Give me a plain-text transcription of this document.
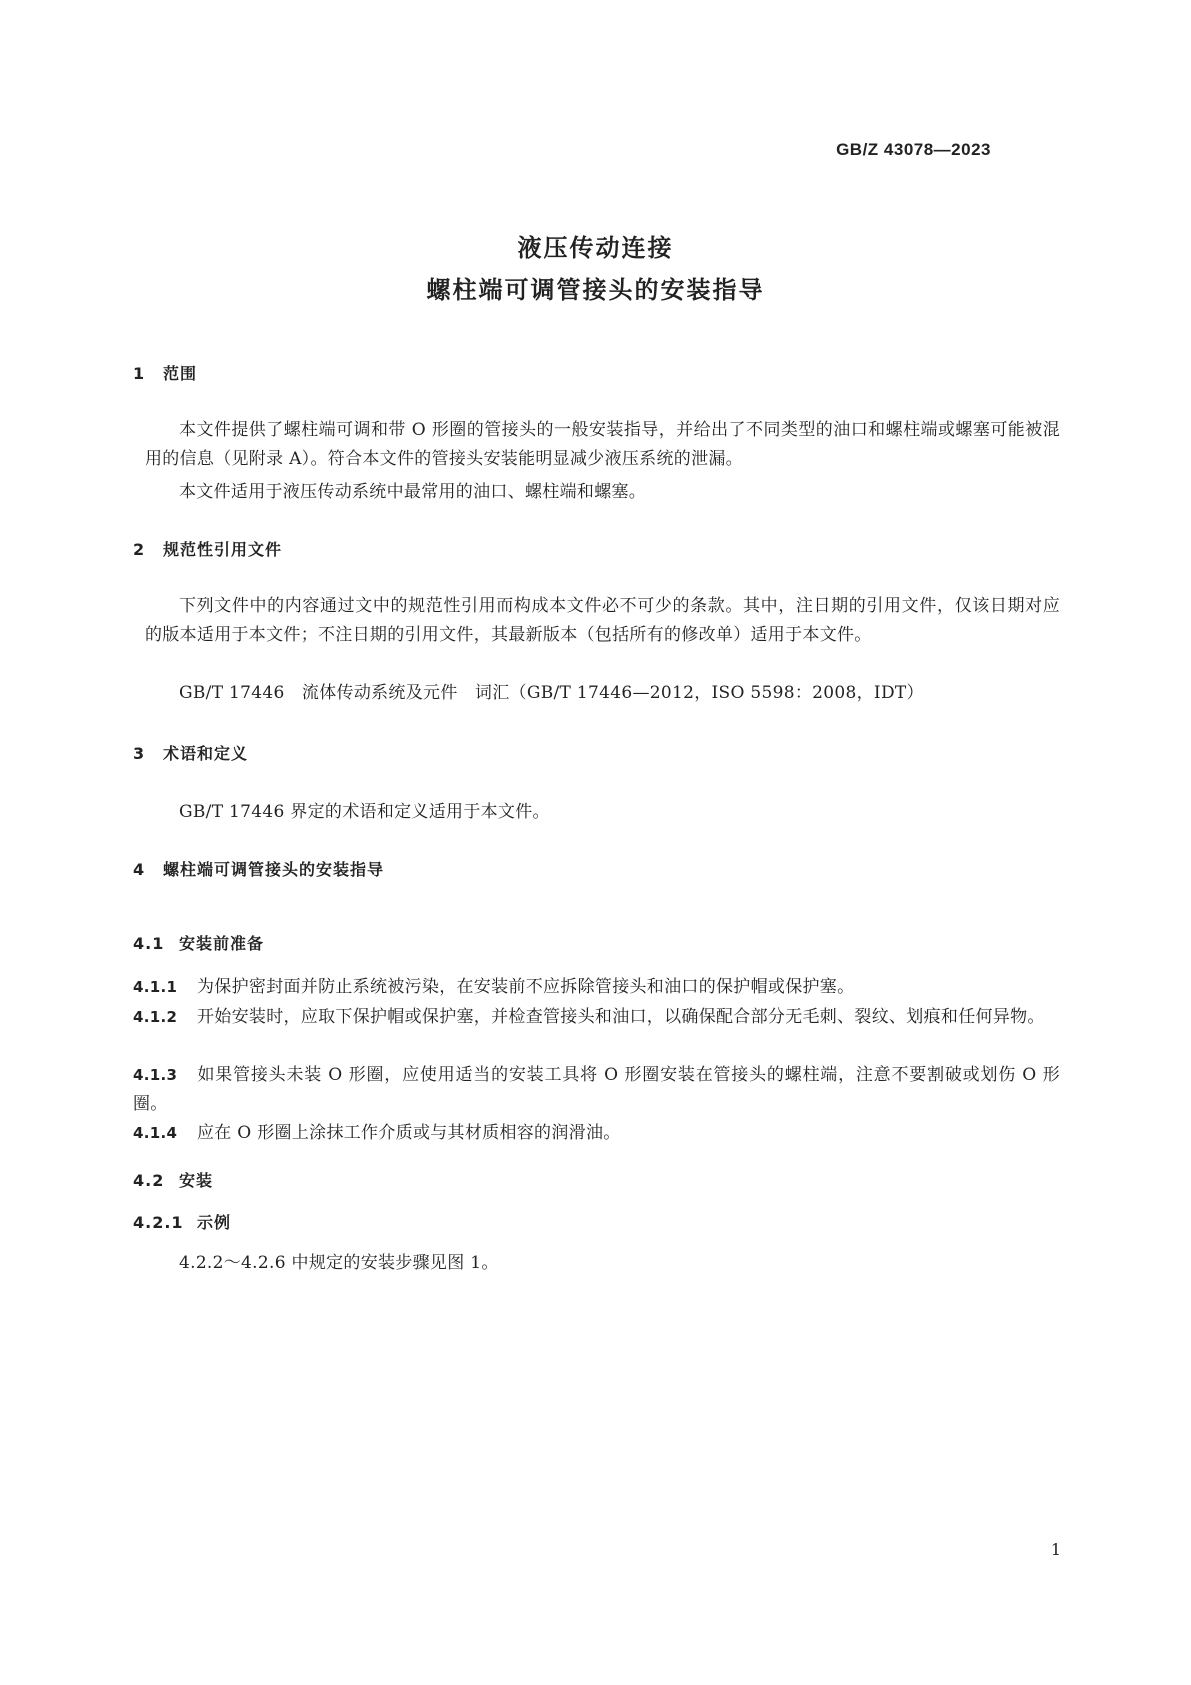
GB/Z 43078—2023
液压传动连接
螺柱端可调管接头的安装指导
1 范围
本文件提供了螺柱端可调和带 O 形圈的管接头的一般安装指导，并给出了不同类型的油口和螺柱端或螺塞可能被混用的信息（见附录 A）。符合本文件的管接头安装能明显减少液压系统的泄漏。
本文件适用于液压传动系统中最常用的油口、螺柱端和螺塞。
2 规范性引用文件
下列文件中的内容通过文中的规范性引用而构成本文件必不可少的条款。其中，注日期的引用文件，仅该日期对应的版本适用于本文件；不注日期的引用文件，其最新版本（包括所有的修改单）适用于本文件。
GB/T 17446　流体传动系统及元件　词汇（GB/T 17446—2012，ISO 5598：2008，IDT）
3 术语和定义
GB/T 17446 界定的术语和定义适用于本文件。
4 螺柱端可调管接头的安装指导
4.1 安装前准备
4.1.1 为保护密封面并防止系统被污染，在安装前不应拆除管接头和油口的保护帽或保护塞。
4.1.2 开始安装时，应取下保护帽或保护塞，并检查管接头和油口，以确保配合部分无毛刺、裂纹、划痕和任何异物。
4.1.3 如果管接头未装 O 形圈，应使用适当的安装工具将 O 形圈安装在管接头的螺柱端，注意不要割破或划伤 O 形圈。
4.1.4 应在 O 形圈上涂抹工作介质或与其材质相容的润滑油。
4.2 安装
4.2.1 示例
4.2.2～4.2.6 中规定的安装步骤见图 1。
1
